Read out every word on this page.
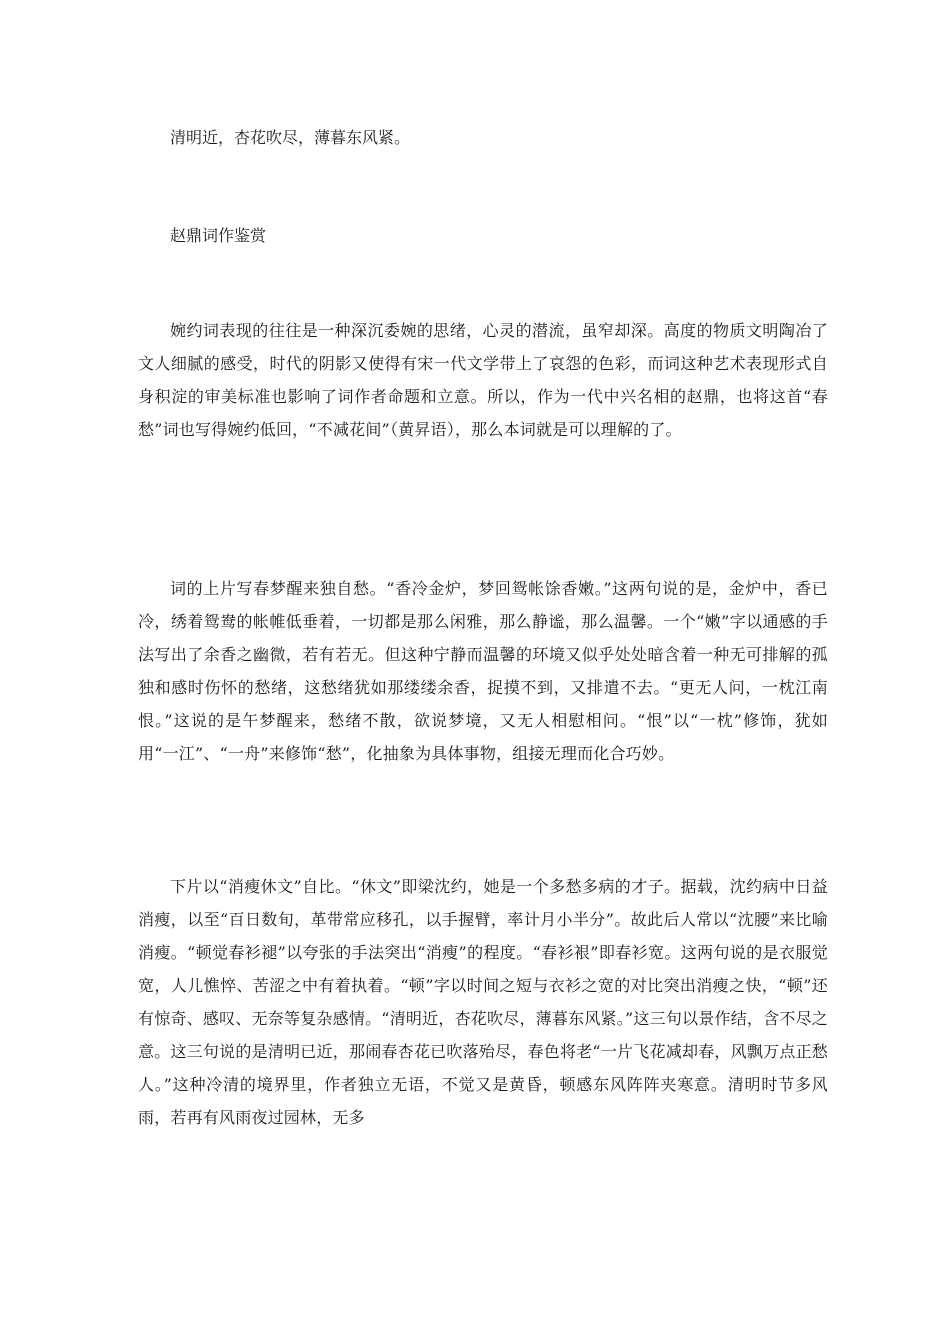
清明近，杏花吹尽，薄暮东风紧。

赵鼎词作鉴赏

婉约词表现的往往是一种深沉委婉的思绪，心灵的潜流，虽窄却深。高度的物质文明陶冶了文人细腻的感受，时代的阴影又使得有宋一代文学带上了哀怨的色彩，而词这种艺术表现形式自身积淀的审美标准也影响了词作者命题和立意。所以，作为一代中兴名相的赵鼎，也将这首“春愁”词也写得婉约低回，“不减花间”（黄昇语），那么本词就是可以理解的了。

词的上片写春梦醒来独自愁。“香冷金炉，梦回鸳帐馀香嫩。”这两句说的是，金炉中，香已冷，绣着鸳鸯的帐帷低垂着，一切都是那么闲雅，那么静谧，那么温馨。一个“嫩”字以通感的手法写出了余香之幽微，若有若无。但这种宁静而温馨的环境又似乎处处暗含着一种无可排解的孤独和感时伤怀的愁绪，这愁绪犹如那缕缕余香，捉摸不到，又排遣不去。“更无人问，一枕江南恨。”这说的是午梦醒来，愁绪不散，欲说梦境，又无人相慰相问。“恨”以“一枕”修饰，犹如用“一江”、“一舟”来修饰“愁”，化抽象为具体事物，组接无理而化合巧妙。

下片以“消瘦休文”自比。“休文”即梁沈约，她是一个多愁多病的才子。据载，沈约病中日益消瘦，以至“百日数旬，革带常应移孔，以手握臂，率计月小半分”。故此后人常以“沈腰”来比喻消瘦。“顿觉春衫褪”以夸张的手法突出“消瘦”的程度。“春衫裉”即春衫宽。这两句说的是衣服觉宽，人儿憔悴、苦涩之中有着执着。“顿”字以时间之短与衣衫之宽的对比突出消瘦之快，“顿”还有惊奇、感叹、无奈等复杂感情。“清明近，杏花吹尽，薄暮东风紧。”这三句以景作结，含不尽之意。这三句说的是清明已近，那闹春杏花已吹落殆尽，春色将老“一片飞花减却春，风飘万点正愁人。”这种冷清的境界里，作者独立无语，不觉又是黄昏，顿感东风阵阵夹寒意。清明时节多风雨，若再有风雨夜过园林，无多
